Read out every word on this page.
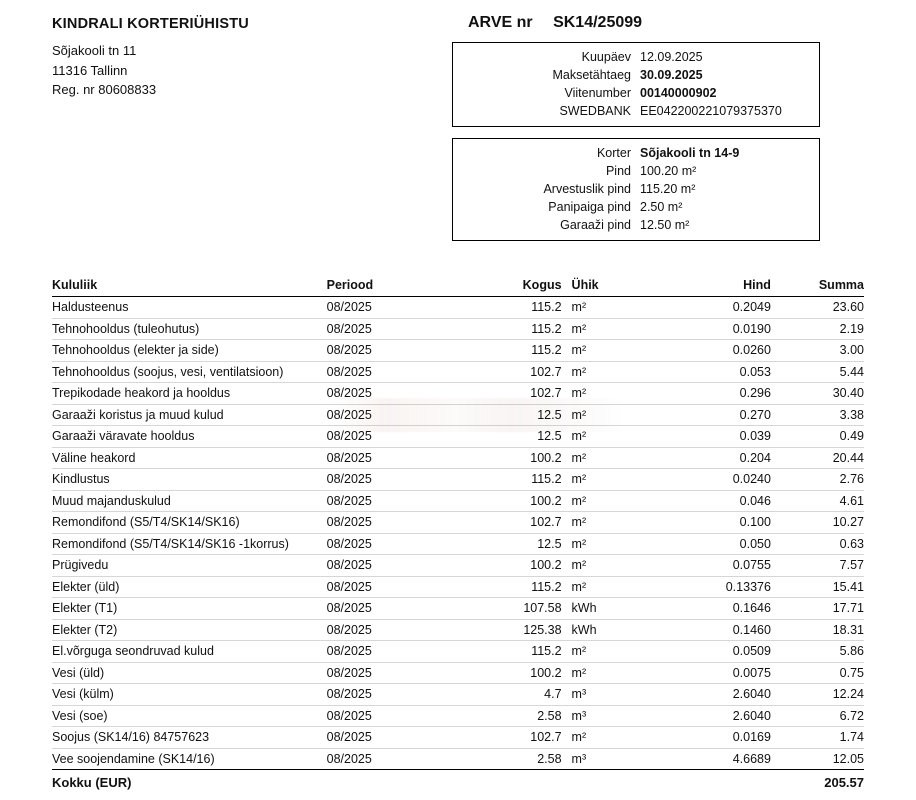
KINDRALI KORTERIÜHISTU
Sõjakooli tn 11
11316 Tallinn
Reg. nr 80608833
ARVE nr SK14/25099
Kuupäev 12.09.2025
Maksetähtaeg 30.09.2025
Viitenumber 00140000902
SWEDBANK EE042200221079375370
Korter Sõjakooli tn 14-9
Pind 100.20 m²
Arvestuslik pind 115.20 m²
Panipaiga pind 2.50 m²
Garaaži pind 12.50 m²
Kululiik	Periood	Kogus	Ühik	Hind	Summa
Haldusteenus	08/2025	115.2	m²	0.2049	23.60
Tehnohooldus (tuleohutus)	08/2025	115.2	m²	0.0190	2.19
Tehnohooldus (elekter ja side)	08/2025	115.2	m²	0.0260	3.00
Tehnohooldus (soojus, vesi, ventilatsioon)	08/2025	102.7	m²	0.053	5.44
Trepikodade heakord ja hooldus	08/2025	102.7	m²	0.296	30.40
Garaaži koristus ja muud kulud	08/2025	12.5	m²	0.270	3.38
Garaaži väravate hooldus	08/2025	12.5	m²	0.039	0.49
Väline heakord	08/2025	100.2	m²	0.204	20.44
Kindlustus	08/2025	115.2	m²	0.0240	2.76
Muud majanduskulud	08/2025	100.2	m²	0.046	4.61
Remondifond (S5/T4/SK14/SK16)	08/2025	102.7	m²	0.100	10.27
Remondifond (S5/T4/SK14/SK16 -1korrus)	08/2025	12.5	m²	0.050	0.63
Prügivedu	08/2025	100.2	m²	0.0755	7.57
Elekter (üld)	08/2025	115.2	m²	0.13376	15.41
Elekter (T1)	08/2025	107.58	kWh	0.1646	17.71
Elekter (T2)	08/2025	125.38	kWh	0.1460	18.31
El.võrguga seondruvad kulud	08/2025	115.2	m²	0.0509	5.86
Vesi (üld)	08/2025	100.2	m²	0.0075	0.75
Vesi (külm)	08/2025	4.7	m³	2.6040	12.24
Vesi (soe)	08/2025	2.58	m³	2.6040	6.72
Soojus (SK14/16) 84757623	08/2025	102.7	m²	0.0169	1.74
Vee soojendamine (SK14/16)	08/2025	2.58	m³	4.6689	12.05
Kokku (EUR)					205.57
